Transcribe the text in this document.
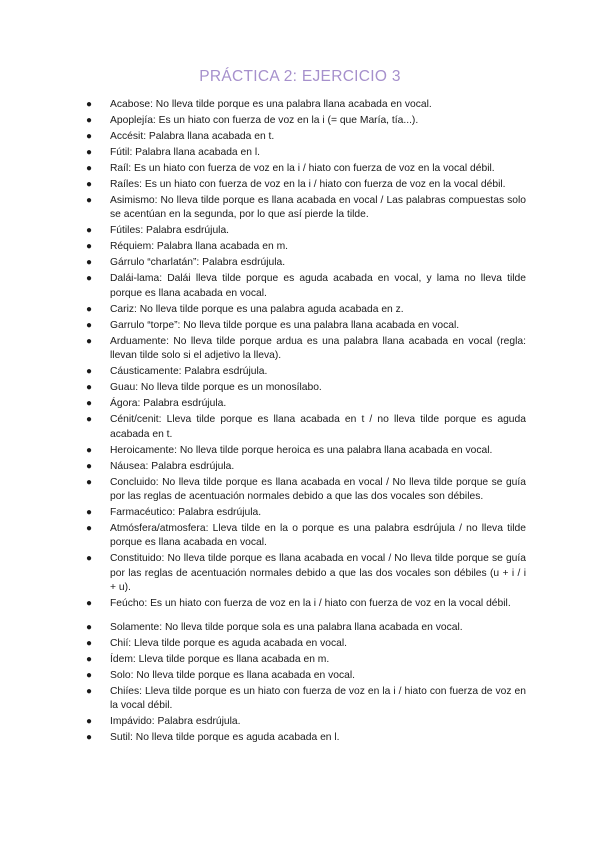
PRÁCTICA 2: EJERCICIO 3
● Acabose: No lleva tilde porque es una palabra llana acabada en vocal.
● Apoplejía: Es un hiato con fuerza de voz en la i (= que María, tía...).
● Accésit: Palabra llana acabada en t.
● Fútil: Palabra llana acabada en l.
● Raíl: Es un hiato con fuerza de voz en la i / hiato con fuerza de voz en la vocal débil.
● Raíles: Es un hiato con fuerza de voz en la i / hiato con fuerza de voz en la vocal débil.
● Asimismo: No lleva tilde porque es llana acabada en vocal / Las palabras compuestas solo se acentúan en la segunda, por lo que así pierde la tilde.
● Fútiles: Palabra esdrújula.
● Réquiem: Palabra llana acabada en m.
● Gárrulo “charlatán”: Palabra esdrújula.
● Dalái-lama: Dalái lleva tilde porque es aguda acabada en vocal, y lama no lleva tilde porque es llana acabada en vocal.
● Cariz: No lleva tilde porque es una palabra aguda acabada en z.
● Garrulo “torpe”: No lleva tilde porque es una palabra llana acabada en vocal.
● Arduamente: No lleva tilde porque ardua es una palabra llana acabada en vocal (regla: llevan tilde solo si el adjetivo la lleva).
● Cáusticamente: Palabra esdrújula.
● Guau: No lleva tilde porque es un monosílabo.
● Ágora: Palabra esdrújula.
● Cénit/cenit: Lleva tilde porque es llana acabada en t / no lleva tilde porque es aguda acabada en t.
● Heroicamente: No lleva tilde porque heroica es una palabra llana acabada en vocal.
● Náusea: Palabra esdrújula.
● Concluido: No lleva tilde porque es llana acabada en vocal / No lleva tilde porque se guía por las reglas de acentuación normales debido a que las dos vocales son débiles.
● Farmacéutico: Palabra esdrújula.
● Atmósfera/atmosfera: Lleva tilde en la o porque es una palabra esdrújula / no lleva tilde porque es llana acabada en vocal.
● Constituido: No lleva tilde porque es llana acabada en vocal / No lleva tilde porque se guía por las reglas de acentuación normales debido a que las dos vocales son débiles (u + i / i + u).
● Feúcho: Es un hiato con fuerza de voz en la i / hiato con fuerza de voz en la vocal débil.
● Solamente: No lleva tilde porque sola es una palabra llana acabada en vocal.
● Chií: Lleva tilde porque es aguda acabada en vocal.
● Ídem: Lleva tilde porque es llana acabada en m.
● Solo: No lleva tilde porque es llana acabada en vocal.
● Chiíes: Lleva tilde porque es un hiato con fuerza de voz en la i / hiato con fuerza de voz en la vocal débil.
● Impávido: Palabra esdrújula.
● Sutil: No lleva tilde porque es aguda acabada en l.
